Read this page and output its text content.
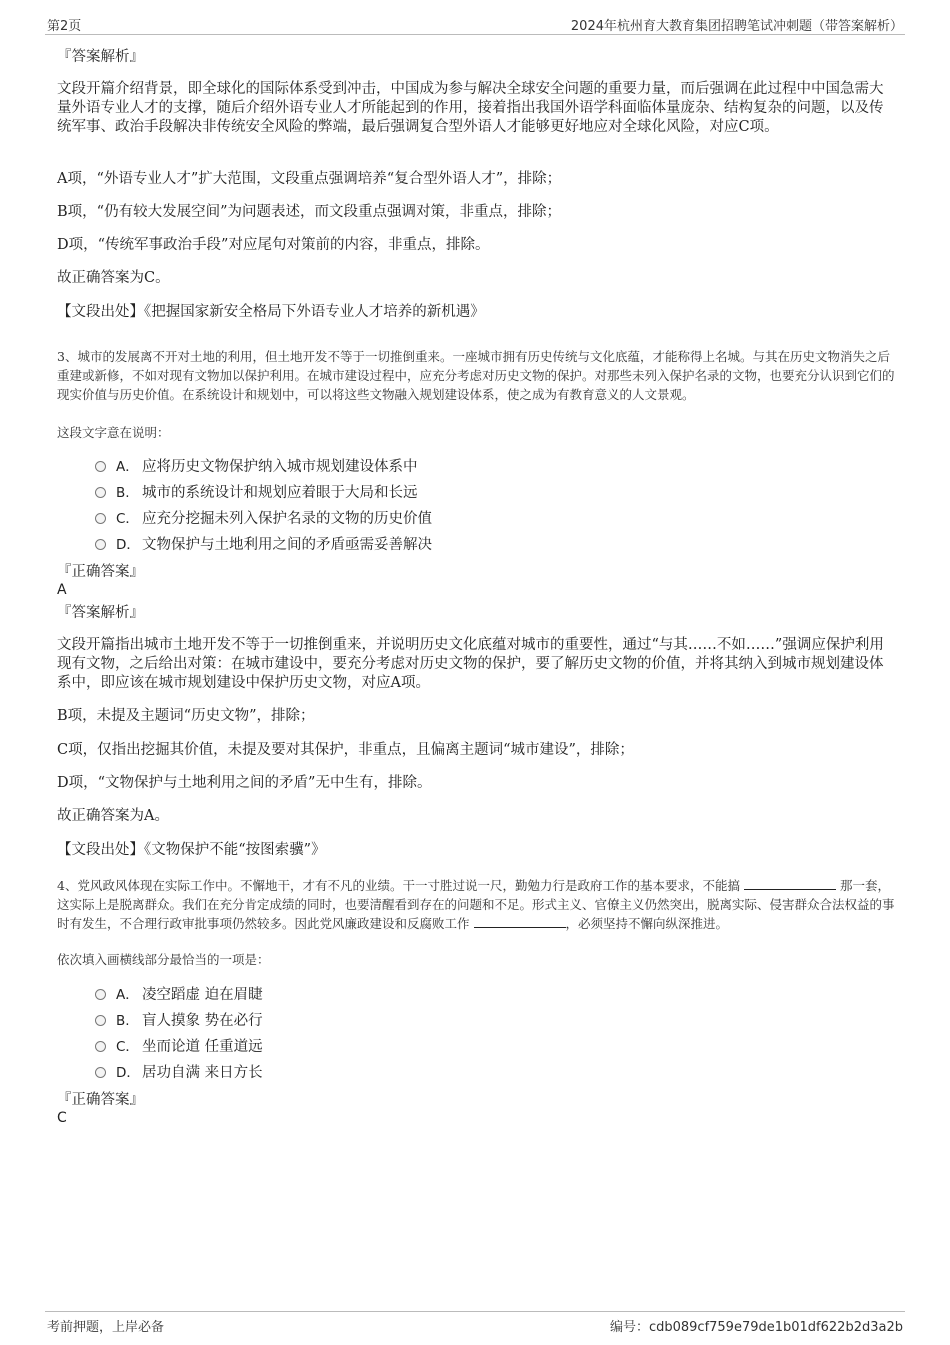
第2页	2024年杭州育大教育集团招聘笔试冲刺题（带答案解析）
『答案解析』
文段开篇介绍背景，即全球化的国际体系受到冲击，中国成为参与解决全球安全问题的重要力量，而后强调在此过程中中国急需大量外语专业人才的支撑，随后介绍外语专业人才所能起到的作用，接着指出我国外语学科面临体量庞杂、结构复杂的问题，以及传统军事、政治手段解决非传统安全风险的弊端，最后强调复合型外语人才能够更好地应对全球化风险，对应C项。
A项，“外语专业人才”扩大范围，文段重点强调培养“复合型外语人才”，排除；
B项，“仍有较大发展空间”为问题表述，而文段重点强调对策，非重点，排除；
D项，“传统军事政治手段”对应尾句对策前的内容，非重点，排除。
故正确答案为C。
【文段出处】《把握国家新安全格局下外语专业人才培养的新机遇》
3、城市的发展离不开对土地的利用，但土地开发不等于一切推倒重来。一座城市拥有历史传统与文化底蕴，才能称得上名城。与其在历史文物消失之后重建或新修，不如对现有文物加以保护利用。在城市建设过程中，应充分考虑对历史文物的保护。对那些未列入保护名录的文物，也要充分认识到它们的现实价值与历史价值。在系统设计和规划中，可以将这些文物融入规划建设体系，使之成为有教育意义的人文景观。
这段文字意在说明：
A． 应将历史文物保护纳入城市规划建设体系中
B. 城市的系统设计和规划应着眼于大局和长远
C． 应充分挖掘未列入保护名录的文物的历史价值
D． 文物保护与土地利用之间的矛盾亟需妥善解决
『正确答案』
A
『答案解析』
文段开篇指出城市土地开发不等于一切推倒重来，并说明历史文化底蕴对城市的重要性，通过“与其……不如……”强调应保护利用现有文物，之后给出对策：在城市建设中，要充分考虑对历史文物的保护，要了解历史文物的价值，并将其纳入到城市规划建设体系中，即应该在城市规划建设中保护历史文物，对应A项。
B项，未提及主题词“历史文物”，排除；
C项，仅指出挖掘其价值，未提及要对其保护，非重点，且偏离主题词“城市建设”，排除；
D项，“文物保护与土地利用之间的矛盾”无中生有，排除。
故正确答案为A。
【文段出处】《文物保护不能“按图索骥”》
4、党风政风体现在实际工作中。不懈地干，才有不凡的业绩。干一寸胜过说一尺，勤勉力行是政府工作的基本要求，不能搞	那一套，这实际上是脱离群众。我们在充分肯定成绩的同时，也要清醒看到存在的问题和不足。形式主义、官僚主义仍然突出，脱离实际、侵害群众合法权益的事时有发生，不合理行政审批事项仍然较多。因此党风廉政建设和反腐败工作	，必须坚持不懈向纵深推进。
依次填入画横线部分最恰当的一项是：
A． 凌空蹈虚 迫在眉睫
B. 盲人摸象 势在必行
C． 坐而论道 任重道远
D． 居功自满 来日方长
『正确答案』
C
考前押题，上岸必备	编号：cdb089cf759e79de1b01df622b2d3a2b
